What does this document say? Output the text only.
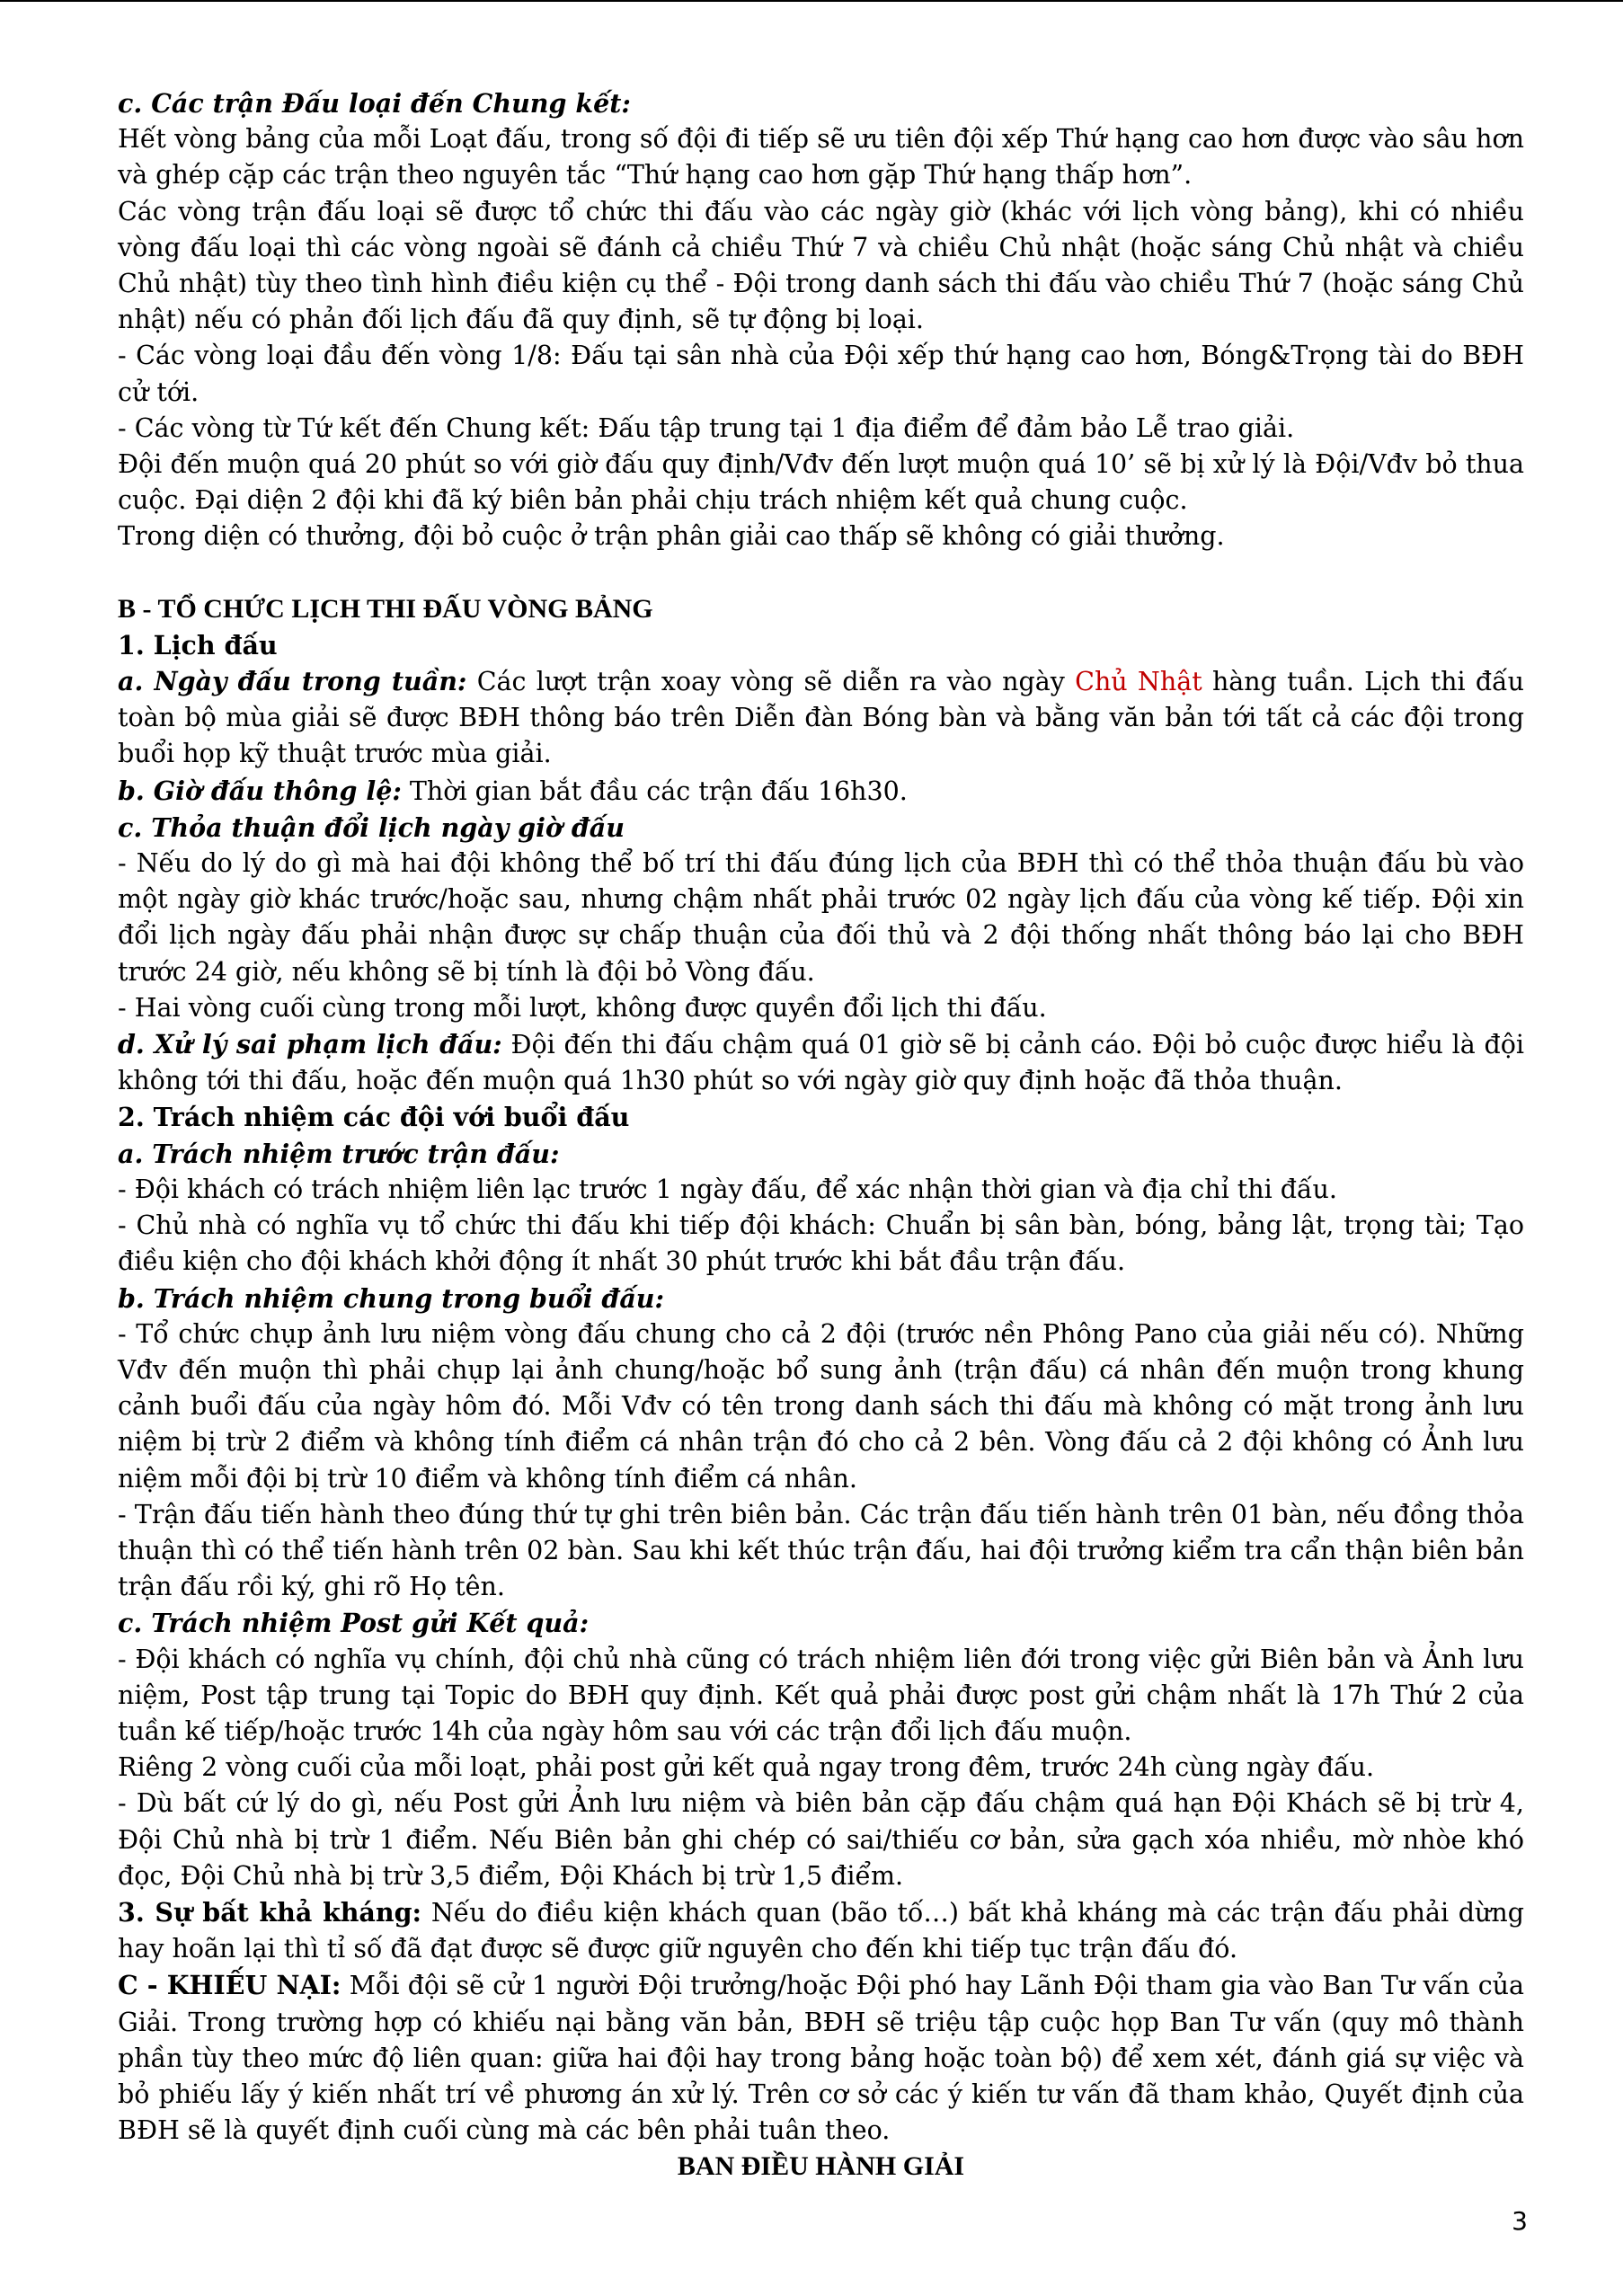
c. Các trận Đấu loại đến Chung kết:

Hết vòng bảng của mỗi Loạt đấu, trong số đội đi tiếp sẽ ưu tiên đội xếp Thứ hạng cao hơn được vào sâu hơn và ghép cặp các trận theo nguyên tắc “Thứ hạng cao hơn gặp Thứ hạng thấp hơn”.

Các vòng trận đấu loại sẽ được tổ chức thi đấu vào các ngày giờ (khác với lịch vòng bảng), khi có nhiều vòng đấu loại thì các vòng ngoài sẽ đánh cả chiều Thứ 7 và chiều Chủ nhật (hoặc sáng Chủ nhật và chiều Chủ nhật) tùy theo tình hình điều kiện cụ thể - Đội trong danh sách thi đấu vào chiều Thứ 7 (hoặc sáng Chủ nhật) nếu có phản đối lịch đấu đã quy định, sẽ tự động bị loại.

- Các vòng loại đầu đến vòng 1/8: Đấu tại sân nhà của Đội xếp thứ hạng cao hơn, Bóng&Trọng tài do BĐH cử tới.

- Các vòng từ Tứ kết đến Chung kết: Đấu tập trung tại 1 địa điểm để đảm bảo Lễ trao giải.

Đội đến muộn quá 20 phút so với giờ đấu quy định/Vđv đến lượt muộn quá 10’ sẽ bị xử lý là Đội/Vđv bỏ thua cuộc. Đại diện 2 đội khi đã ký biên bản phải chịu trách nhiệm kết quả chung cuộc.

Trong diện có thưởng, đội bỏ cuộc ở trận phân giải cao thấp sẽ không có giải thưởng.

B - TỔ CHỨC LỊCH THI ĐẤU VÒNG BẢNG

1. Lịch đấu

a. Ngày đấu trong tuần: Các lượt trận xoay vòng sẽ diễn ra vào ngày Chủ Nhật hàng tuần. Lịch thi đấu toàn bộ mùa giải sẽ được BĐH thông báo trên Diễn đàn Bóng bàn và bằng văn bản tới tất cả các đội trong buổi họp kỹ thuật trước mùa giải.

b. Giờ đấu thông lệ: Thời gian bắt đầu các trận đấu 16h30.

c. Thỏa thuận đổi lịch ngày giờ đấu

- Nếu do lý do gì mà hai đội không thể bố trí thi đấu đúng lịch của BĐH thì có thể thỏa thuận đấu bù vào một ngày giờ khác trước/hoặc sau, nhưng chậm nhất phải trước 02 ngày lịch đấu của vòng kế tiếp. Đội xin đổi lịch ngày đấu phải nhận được sự chấp thuận của đối thủ và 2 đội thống nhất thông báo lại cho BĐH trước 24 giờ, nếu không sẽ bị tính là đội bỏ Vòng đấu.

- Hai vòng cuối cùng trong mỗi lượt, không được quyền đổi lịch thi đấu.

d. Xử lý sai phạm lịch đấu: Đội đến thi đấu chậm quá 01 giờ sẽ bị cảnh cáo. Đội bỏ cuộc được hiểu là đội không tới thi đấu, hoặc đến muộn quá 1h30 phút so với ngày giờ quy định hoặc đã thỏa thuận.

2. Trách nhiệm các đội với buổi đấu

a. Trách nhiệm trước trận đấu:

- Đội khách có trách nhiệm liên lạc trước 1 ngày đấu, để xác nhận thời gian và địa chỉ thi đấu.

- Chủ nhà có nghĩa vụ tổ chức thi đấu khi tiếp đội khách: Chuẩn bị sân bàn, bóng, bảng lật, trọng tài; Tạo điều kiện cho đội khách khởi động ít nhất 30 phút trước khi bắt đầu trận đấu.

b. Trách nhiệm chung trong buổi đấu:

- Tổ chức chụp ảnh lưu niệm vòng đấu chung cho cả 2 đội (trước nền Phông Pano của giải nếu có). Những Vđv đến muộn thì phải chụp lại ảnh chung/hoặc bổ sung ảnh (trận đấu) cá nhân đến muộn trong khung cảnh buổi đấu của ngày hôm đó. Mỗi Vđv có tên trong danh sách thi đấu mà không có mặt trong ảnh lưu niệm bị trừ 2 điểm và không tính điểm cá nhân trận đó cho cả 2 bên. Vòng đấu cả 2 đội không có Ảnh lưu niệm mỗi đội bị trừ 10 điểm và không tính điểm cá nhân.

- Trận đấu tiến hành theo đúng thứ tự ghi trên biên bản. Các trận đấu tiến hành trên 01 bàn, nếu đồng thỏa thuận thì có thể tiến hành trên 02 bàn. Sau khi kết thúc trận đấu, hai đội trưởng kiểm tra cẩn thận biên bản trận đấu rồi ký, ghi rõ Họ tên.

c. Trách nhiệm Post gửi Kết quả:

- Đội khách có nghĩa vụ chính, đội chủ nhà cũng có trách nhiệm liên đới trong việc gửi Biên bản và Ảnh lưu niệm, Post tập trung tại Topic do BĐH quy định. Kết quả phải được post gửi chậm nhất là 17h Thứ 2 của tuần kế tiếp/hoặc trước 14h của ngày hôm sau với các trận đổi lịch đấu muộn.

Riêng 2 vòng cuối của mỗi loạt, phải post gửi kết quả ngay trong đêm, trước 24h cùng ngày đấu.

- Dù bất cứ lý do gì, nếu Post gửi Ảnh lưu niệm và biên bản cặp đấu chậm quá hạn Đội Khách sẽ bị trừ 4, Đội Chủ nhà bị trừ 1 điểm. Nếu Biên bản ghi chép có sai/thiếu cơ bản, sửa gạch xóa nhiều, mờ nhòe khó đọc, Đội Chủ nhà bị trừ 3,5 điểm, Đội Khách bị trừ 1,5 điểm.

3. Sự bất khả kháng: Nếu do điều kiện khách quan (bão tố…) bất khả kháng mà các trận đấu phải dừng hay hoãn lại thì tỉ số đã đạt được sẽ được giữ nguyên cho đến khi tiếp tục trận đấu đó.

C - KHIẾU NẠI: Mỗi đội sẽ cử 1 người Đội trưởng/hoặc Đội phó hay Lãnh Đội tham gia vào Ban Tư vấn của Giải. Trong trường hợp có khiếu nại bằng văn bản, BĐH sẽ triệu tập cuộc họp Ban Tư vấn (quy mô thành phần tùy theo mức độ liên quan: giữa hai đội hay trong bảng hoặc toàn bộ) để xem xét, đánh giá sự việc và bỏ phiếu lấy ý kiến nhất trí về phương án xử lý. Trên cơ sở các ý kiến tư vấn đã tham khảo, Quyết định của BĐH sẽ là quyết định cuối cùng mà các bên phải tuân theo.

BAN ĐIỀU HÀNH GIẢI

3
